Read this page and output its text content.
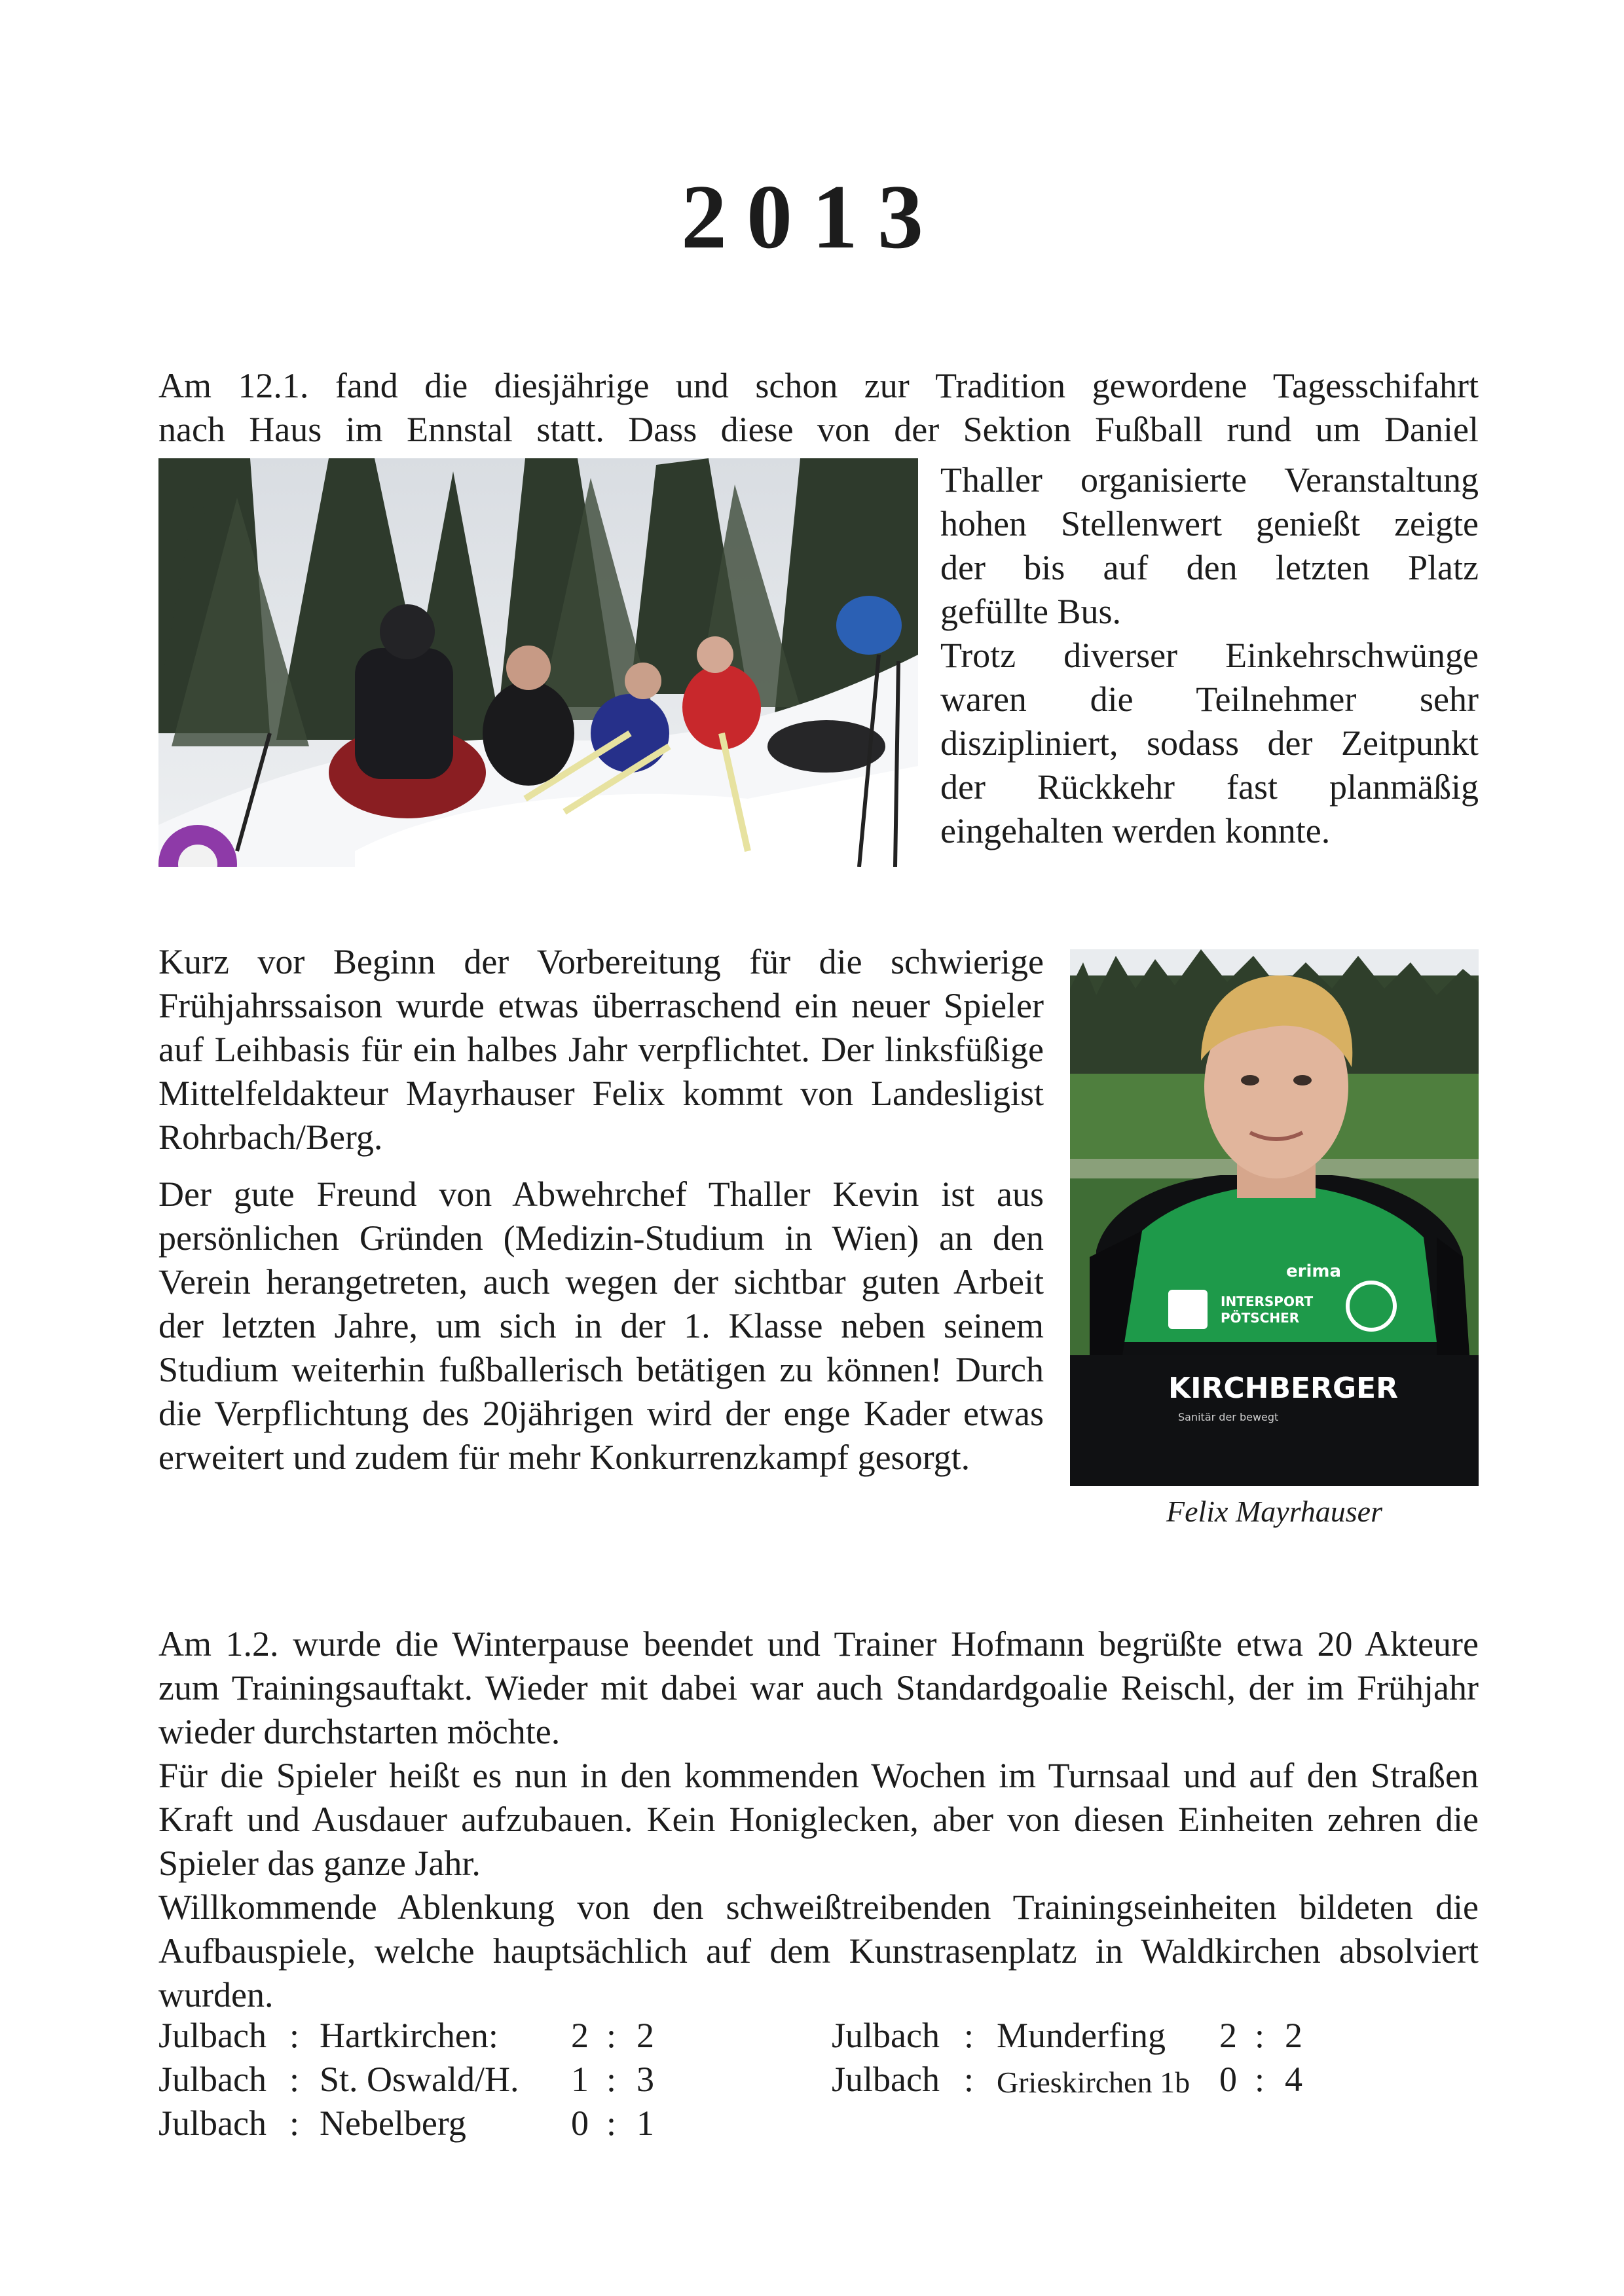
2013

Am 12.1. fand die diesjährige und schon zur Tradition gewordene Tagesschifahrt

nach Haus im Ennstal statt. Dass diese von der Sektion Fußball rund um Daniel

Thaller organisierte Veranstaltung

hohen Stellenwert genießt zeigte

der bis auf den letzten Platz

gefüllte Bus.

Trotz diverser Einkehrschwünge

waren die Teilnehmer sehr

diszipliniert, sodass der Zeitpunkt

der Rückkehr fast planmäßig

eingehalten werden konnte.

Kurz vor Beginn der Vorbereitung für die schwierige Frühjahrssaison wurde etwas überraschend ein neuer Spieler auf Leihbasis für ein halbes Jahr verpflichtet. Der linksfüßige Mittelfeldakteur Mayrhauser Felix kommt von Landesligist Rohrbach/Berg.

Der gute Freund von Abwehrchef Thaller Kevin ist aus persönlichen Gründen (Medizin-Studium in Wien) an den Verein herangetreten, auch wegen der sichtbar guten Arbeit der letzten Jahre, um sich in der 1. Klasse neben seinem Studium weiterhin fußballerisch betätigen zu können! Durch die Verpflichtung des 20jährigen wird der enge Kader etwas erweitert und zudem für mehr Konkurrenzkampf gesorgt.

erima
INTERSPORT
PÖTSCHER
KIRCHBERGER
Sanitär der bewegt
Felix Mayrhauser

Am 1.2. wurde die Winterpause beendet und Trainer Hofmann begrüßte etwa 20 Akteure zum Trainingsauftakt. Wieder mit dabei war auch Standardgoalie Reischl, der im Frühjahr wieder durchstarten möchte.

Für die Spieler heißt es nun in den kommenden Wochen im Turnsaal und auf den Straßen Kraft und Ausdauer aufzubauen. Kein Honiglecken, aber von diesen Einheiten zehren die Spieler das ganze Jahr.

Willkommende Ablenkung von den schweißtreibenden Trainingseinheiten bildeten die Aufbauspiele, welche hauptsächlich auf dem Kunstrasenplatz in Waldkirchen absolviert wurden.

Julbach : Hartkirchen: 2 : 2
Julbach : St. Oswald/H. 1 : 3
Julbach : Nebelberg	0 : 1
Julbach : Munderfing 2 : 2
Julbach : Grieskirchen 1b 0 : 4
